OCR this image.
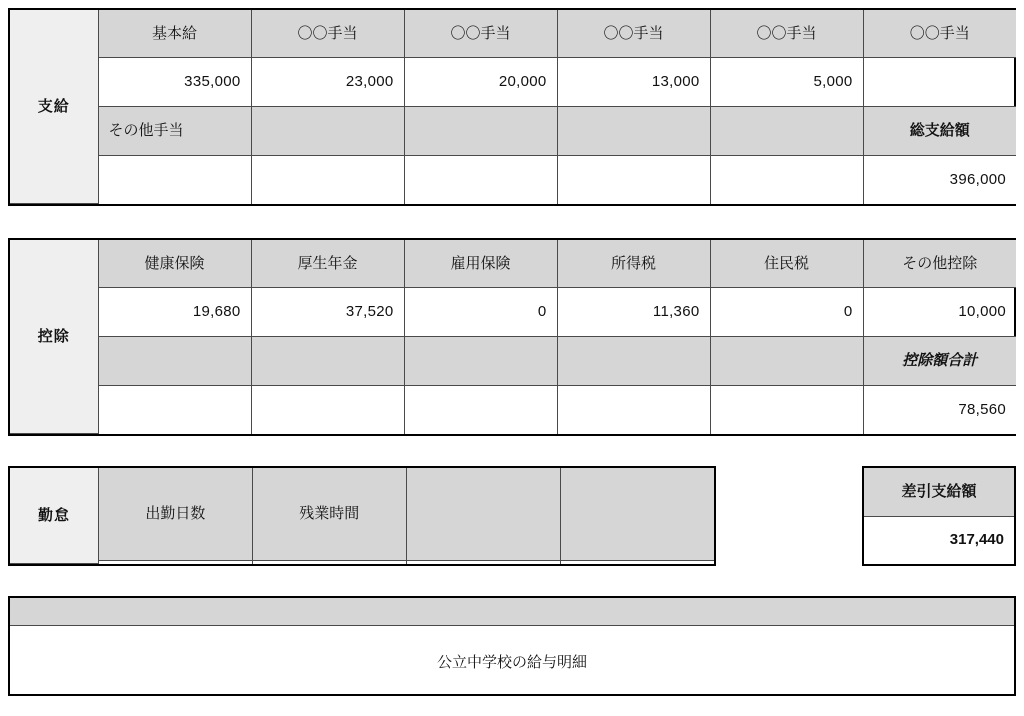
支給	基本給	〇〇手当	〇〇手当	〇〇手当	〇〇手当	〇〇手当
	335,000	23,000	20,000	13,000	5,000	
	その他手当					総支給額
						396,000
控除	健康保険	厚生年金	雇用保険	所得税	住民税	その他控除
	19,680	37,520	0	11,360	0	10,000
						控除額合計
						78,560
勤怠	出勤日数	残業時間		

差引支給額
317,440
公立中学校の給与明細
